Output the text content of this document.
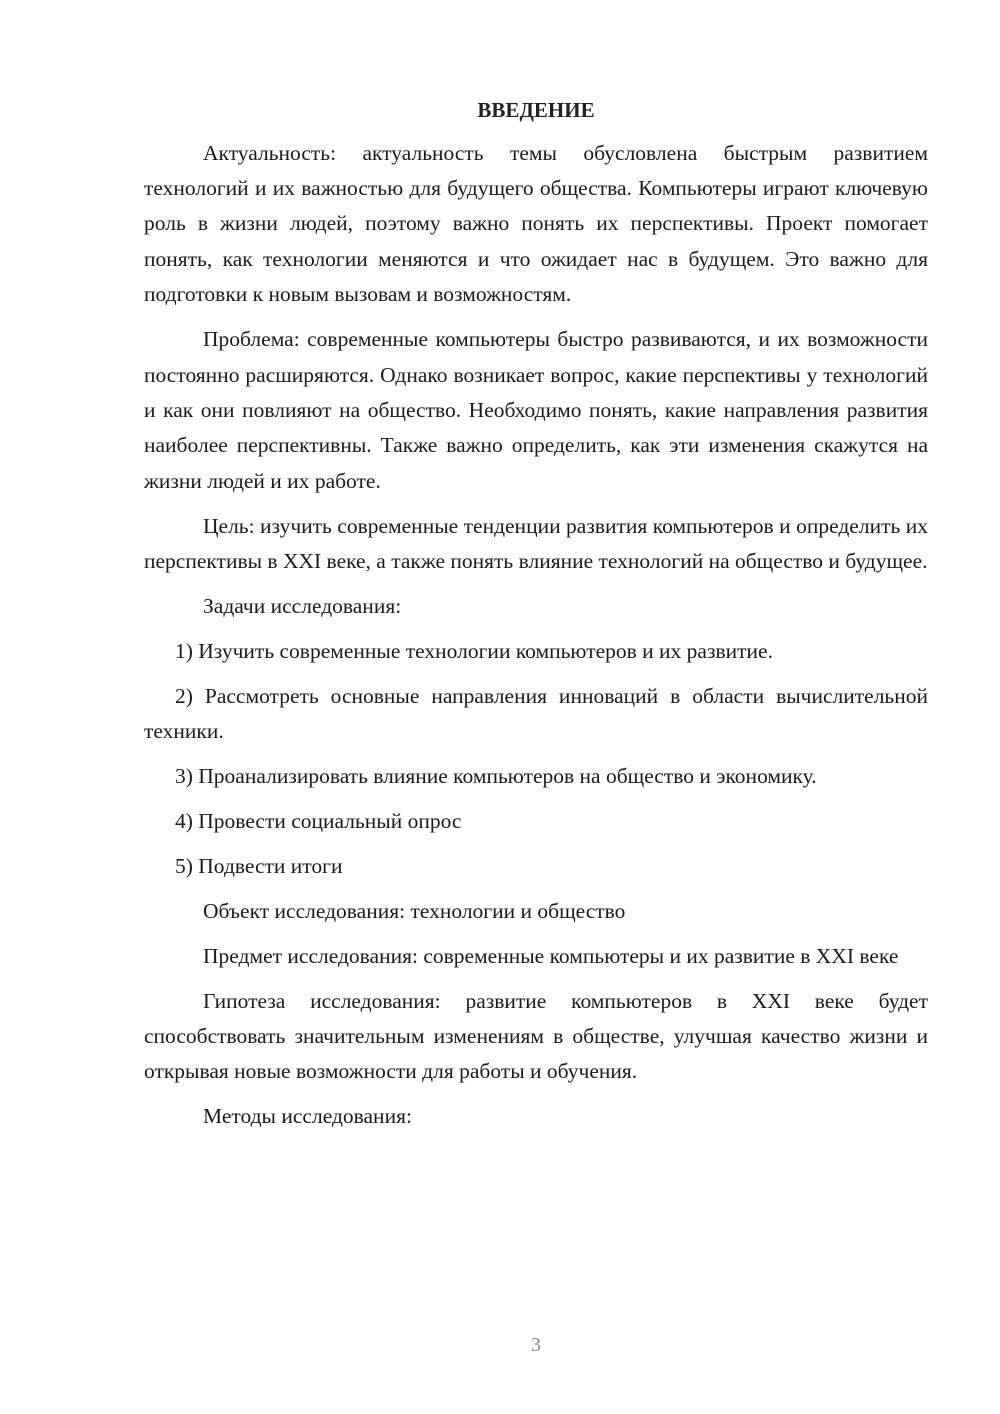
ВВЕДЕНИЕ

Актуальность: актуальность темы обусловлена быстрым развитием технологий и их важностью для будущего общества. Компьютеры играют ключевую роль в жизни людей, поэтому важно понять их перспективы. Проект помогает понять, как технологии меняются и что ожидает нас в будущем. Это важно для подготовки к новым вызовам и возможностям.

Проблема: современные компьютеры быстро развиваются, и их возможности постоянно расширяются. Однако возникает вопрос, какие перспективы у технологий и как они повлияют на общество. Необходимо понять, какие направления развития наиболее перспективны. Также важно определить, как эти изменения скажутся на жизни людей и их работе.

Цель: изучить современные тенденции развития компьютеров и определить их перспективы в XXI веке, а также понять влияние технологий на общество и будущее.

Задачи исследования:

1) Изучить современные технологии компьютеров и их развитие.

2) Рассмотреть основные направления инноваций в области вычислительной техники.

3) Проанализировать влияние компьютеров на общество и экономику.

4) Провести социальный опрос

5) Подвести итоги

Объект исследования: технологии и общество

Предмет исследования: современные компьютеры и их развитие в XXI веке

Гипотеза исследования: развитие компьютеров в XXI веке будет способствовать значительным изменениям в обществе, улучшая качество жизни и открывая новые возможности для работы и обучения.

Методы исследования:

3
